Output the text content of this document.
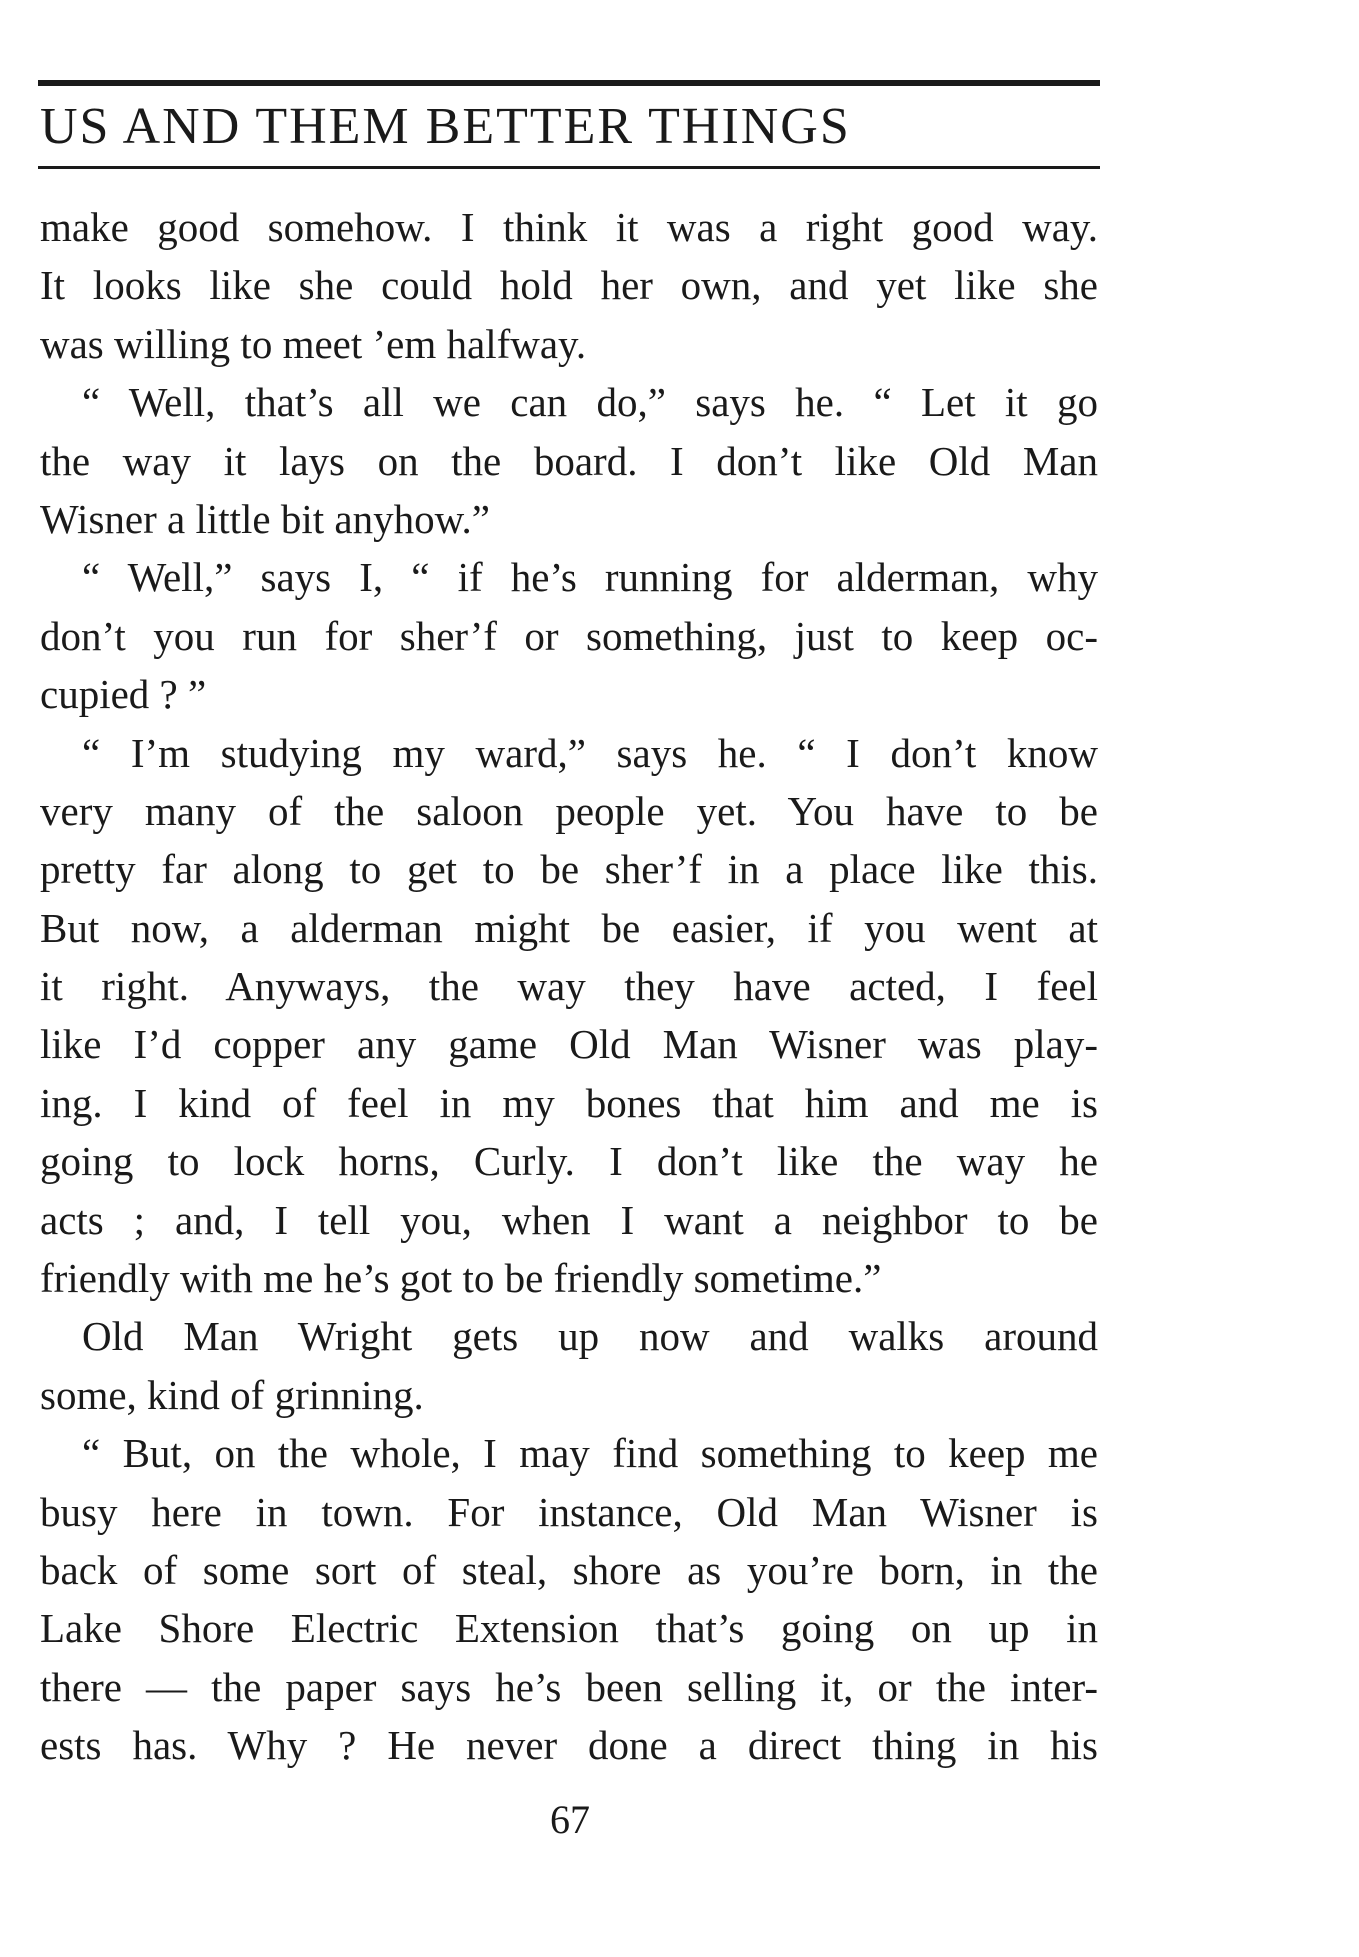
US AND THEM BETTER THINGS
make good somehow. I think it was a right good way.
It looks like she could hold her own, and yet like she
was willing to meet ’em halfway.
“ Well, that’s all we can do,” says he. “ Let it go
the way it lays on the board. I don’t like Old Man
Wisner a little bit anyhow.”
“ Well,” says I, “ if he’s running for alderman, why
don’t you run for sher’f or something, just to keep oc-
cupied ? ”
“ I’m studying my ward,” says he. “ I don’t know
very many of the saloon people yet. You have to be
pretty far along to get to be sher’f in a place like this.
But now, a alderman might be easier, if you went at
it right. Anyways, the way they have acted, I feel
like I’d copper any game Old Man Wisner was play-
ing. I kind of feel in my bones that him and me is
going to lock horns, Curly. I don’t like the way he
acts ; and, I tell you, when I want a neighbor to be
friendly with me he’s got to be friendly sometime.”
Old Man Wright gets up now and walks around
some, kind of grinning.
“ But, on the whole, I may find something to keep me
busy here in town. For instance, Old Man Wisner is
back of some sort of steal, shore as you’re born, in the
Lake Shore Electric Extension that’s going on up in
there — the paper says he’s been selling it, or the inter-
ests has. Why ? He never done a direct thing in his
67
